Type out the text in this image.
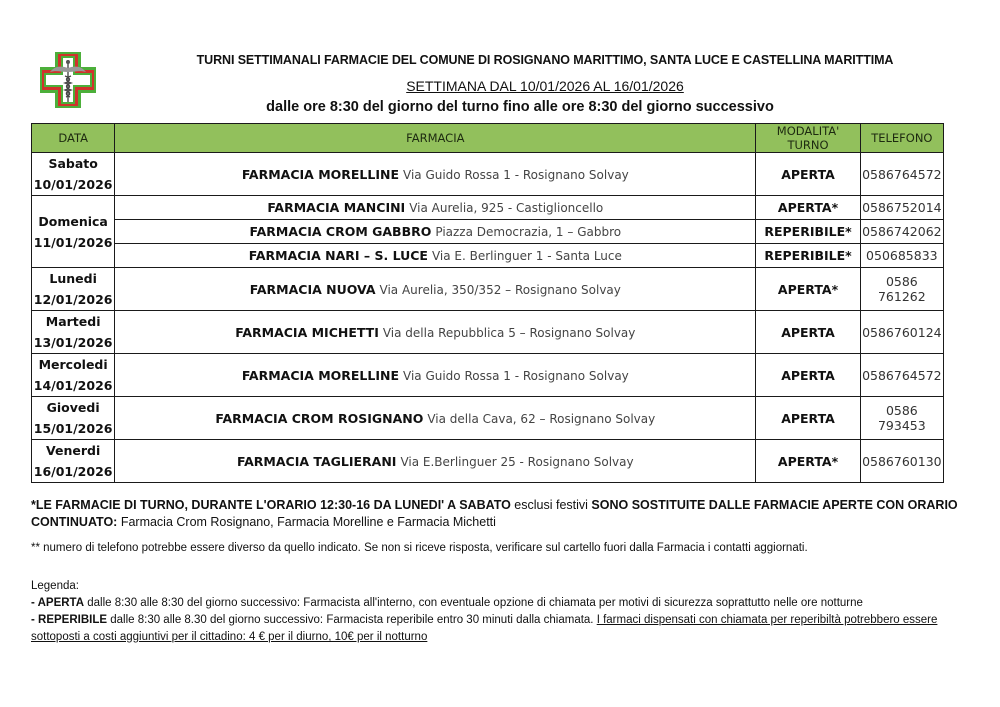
TURNI SETTIMANALI FARMACIE DEL COMUNE DI ROSIGNANO MARITTIMO, SANTA LUCE E CASTELLINA MARITTIMA
SETTIMANA DAL 10/01/2026 AL 16/01/2026
dalle ore 8:30 del giorno del turno fino alle ore 8:30 del giorno successivo
DATA	FARMACIA	MODALITA' TURNO	TELEFONO
Sabato
10/01/2026	FARMACIA MORELLINE Via Guido Rossa 1 - Rosignano Solvay	APERTA	0586764572
Domenica
11/01/2026	FARMACIA MANCINI Via Aurelia, 925 - Castiglioncello	APERTA*	0586752014
	FARMACIA CROM GABBRO Piazza Democrazia, 1 – Gabbro	REPERIBILE*	0586742062
	FARMACIA NARI – S. LUCE Via E. Berlinguer 1 - Santa Luce	REPERIBILE*	050685833
Lunedi
12/01/2026	FARMACIA NUOVA Via Aurelia, 350/352 – Rosignano Solvay	APERTA*	0586 761262
Martedi
13/01/2026	FARMACIA MICHETTI Via della Repubblica 5 – Rosignano Solvay	APERTA	0586760124
Mercoledi
14/01/2026	FARMACIA MORELLINE Via Guido Rossa 1 - Rosignano Solvay	APERTA	0586764572
Giovedi
15/01/2026	FARMACIA CROM ROSIGNANO Via della Cava, 62 – Rosignano Solvay	APERTA	0586 793453
Venerdi
16/01/2026	FARMACIA TAGLIERANI Via E.Berlinguer 25 - Rosignano Solvay	APERTA*	0586760130
*LE FARMACIE DI TURNO, DURANTE L'ORARIO 12:30-16 DA LUNEDI' A SABATO esclusi festivi SONO SOSTITUITE DALLE FARMACIE APERTE CON ORARIO CONTINUATO: Farmacia Crom Rosignano, Farmacia Morelline e Farmacia Michetti
** numero di telefono potrebbe essere diverso da quello indicato. Se non si riceve risposta, verificare sul cartello fuori dalla Farmacia i contatti aggiornati.
Legenda:
- APERTA dalle 8:30 alle 8:30 del giorno successivo: Farmacista all'interno, con eventuale opzione di chiamata per motivi di sicurezza soprattutto nelle ore notturne
- REPERIBILE dalle 8:30 alle 8.30 del giorno successivo: Farmacista reperibile entro 30 minuti dalla chiamata. I farmaci dispensati con chiamata per reperibiltà potrebbero essere sottoposti a costi aggiuntivi per il cittadino: 4 € per il diurno, 10€ per il notturno
